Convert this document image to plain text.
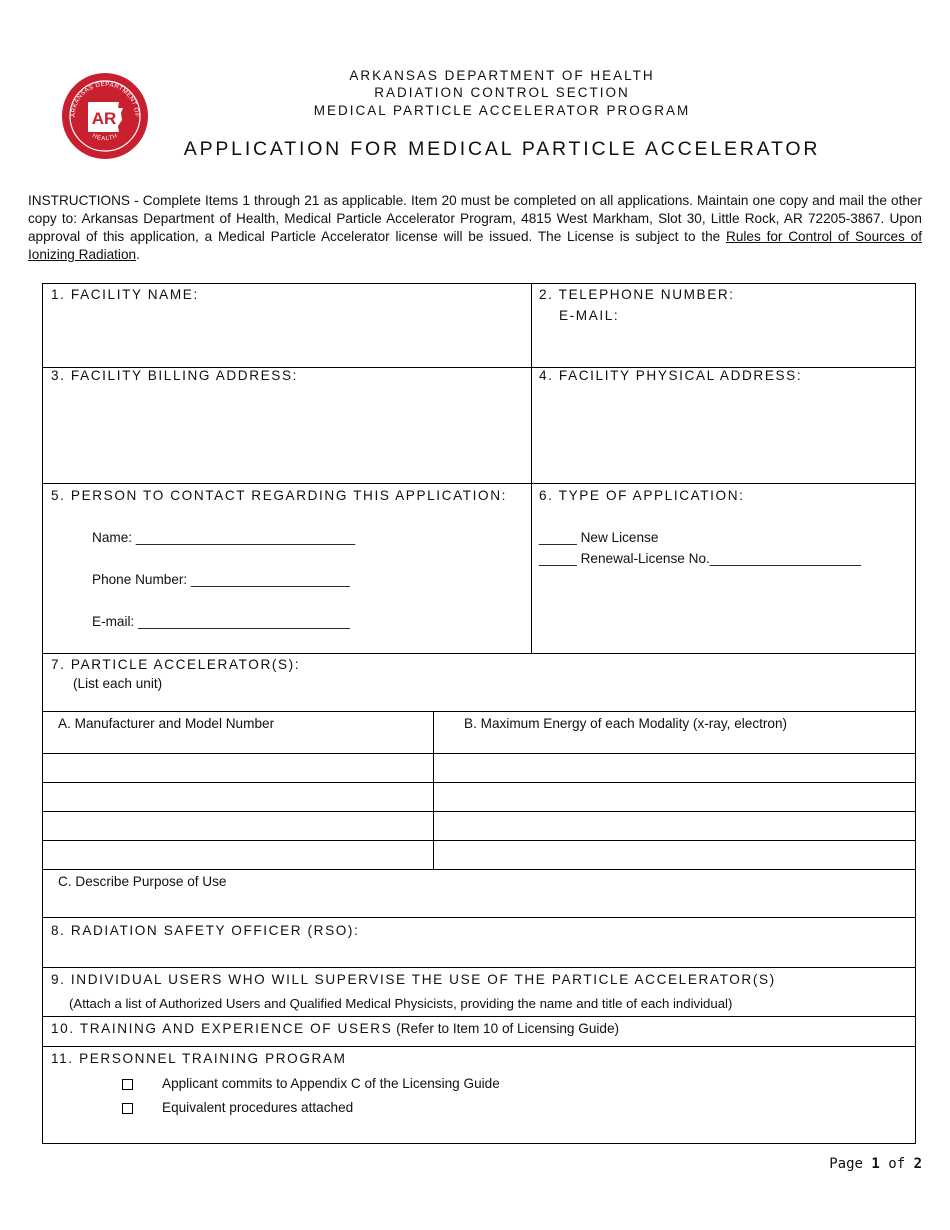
ARKANSAS DEPARTMENT OF
HEALTH
AR
ARKANSAS DEPARTMENT OF HEALTH
RADIATION CONTROL SECTION
MEDICAL PARTICLE ACCELERATOR PROGRAM
APPLICATION FOR MEDICAL PARTICLE ACCELERATOR
INSTRUCTIONS - Complete Items 1 through 21 as applicable. Item 20 must be completed on all applications. Maintain one copy and mail the other copy to: Arkansas Department of Health, Medical Particle Accelerator Program, 4815 West Markham, Slot 30, Little Rock, AR 72205-3867. Upon approval of this application, a Medical Particle Accelerator license will be issued. The License is subject to the Rules for Control of Sources of Ionizing Radiation.
1. FACILITY NAME:	2. TELEPHONE NUMBER:
E-MAIL:
3. FACILITY BILLING ADDRESS:	4. FACILITY PHYSICAL ADDRESS:
5. PERSON TO CONTACT REGARDING THIS APPLICATION:
Name: _____________________________
Phone Number: _____________________
E-mail: ____________________________
6. TYPE OF APPLICATION:
_____ New License
_____ Renewal-License No.____________________
7. PARTICLE ACCELERATOR(S):
(List each unit)
A. Manufacturer and Model Number	B. Maximum Energy of each Modality (x-ray, electron)
C. Describe Purpose of Use
8. RADIATION SAFETY OFFICER (RSO):
9. INDIVIDUAL USERS WHO WILL SUPERVISE THE USE OF THE PARTICLE ACCELERATOR(S)
(Attach a list of Authorized Users and Qualified Medical Physicists, providing the name and title of each individual)
10. TRAINING AND EXPERIENCE OF USERS (Refer to Item 10 of Licensing Guide)
11. PERSONNEL TRAINING PROGRAM
Applicant commits to Appendix C of the Licensing Guide
Equivalent procedures attached
Page 1 of 2
